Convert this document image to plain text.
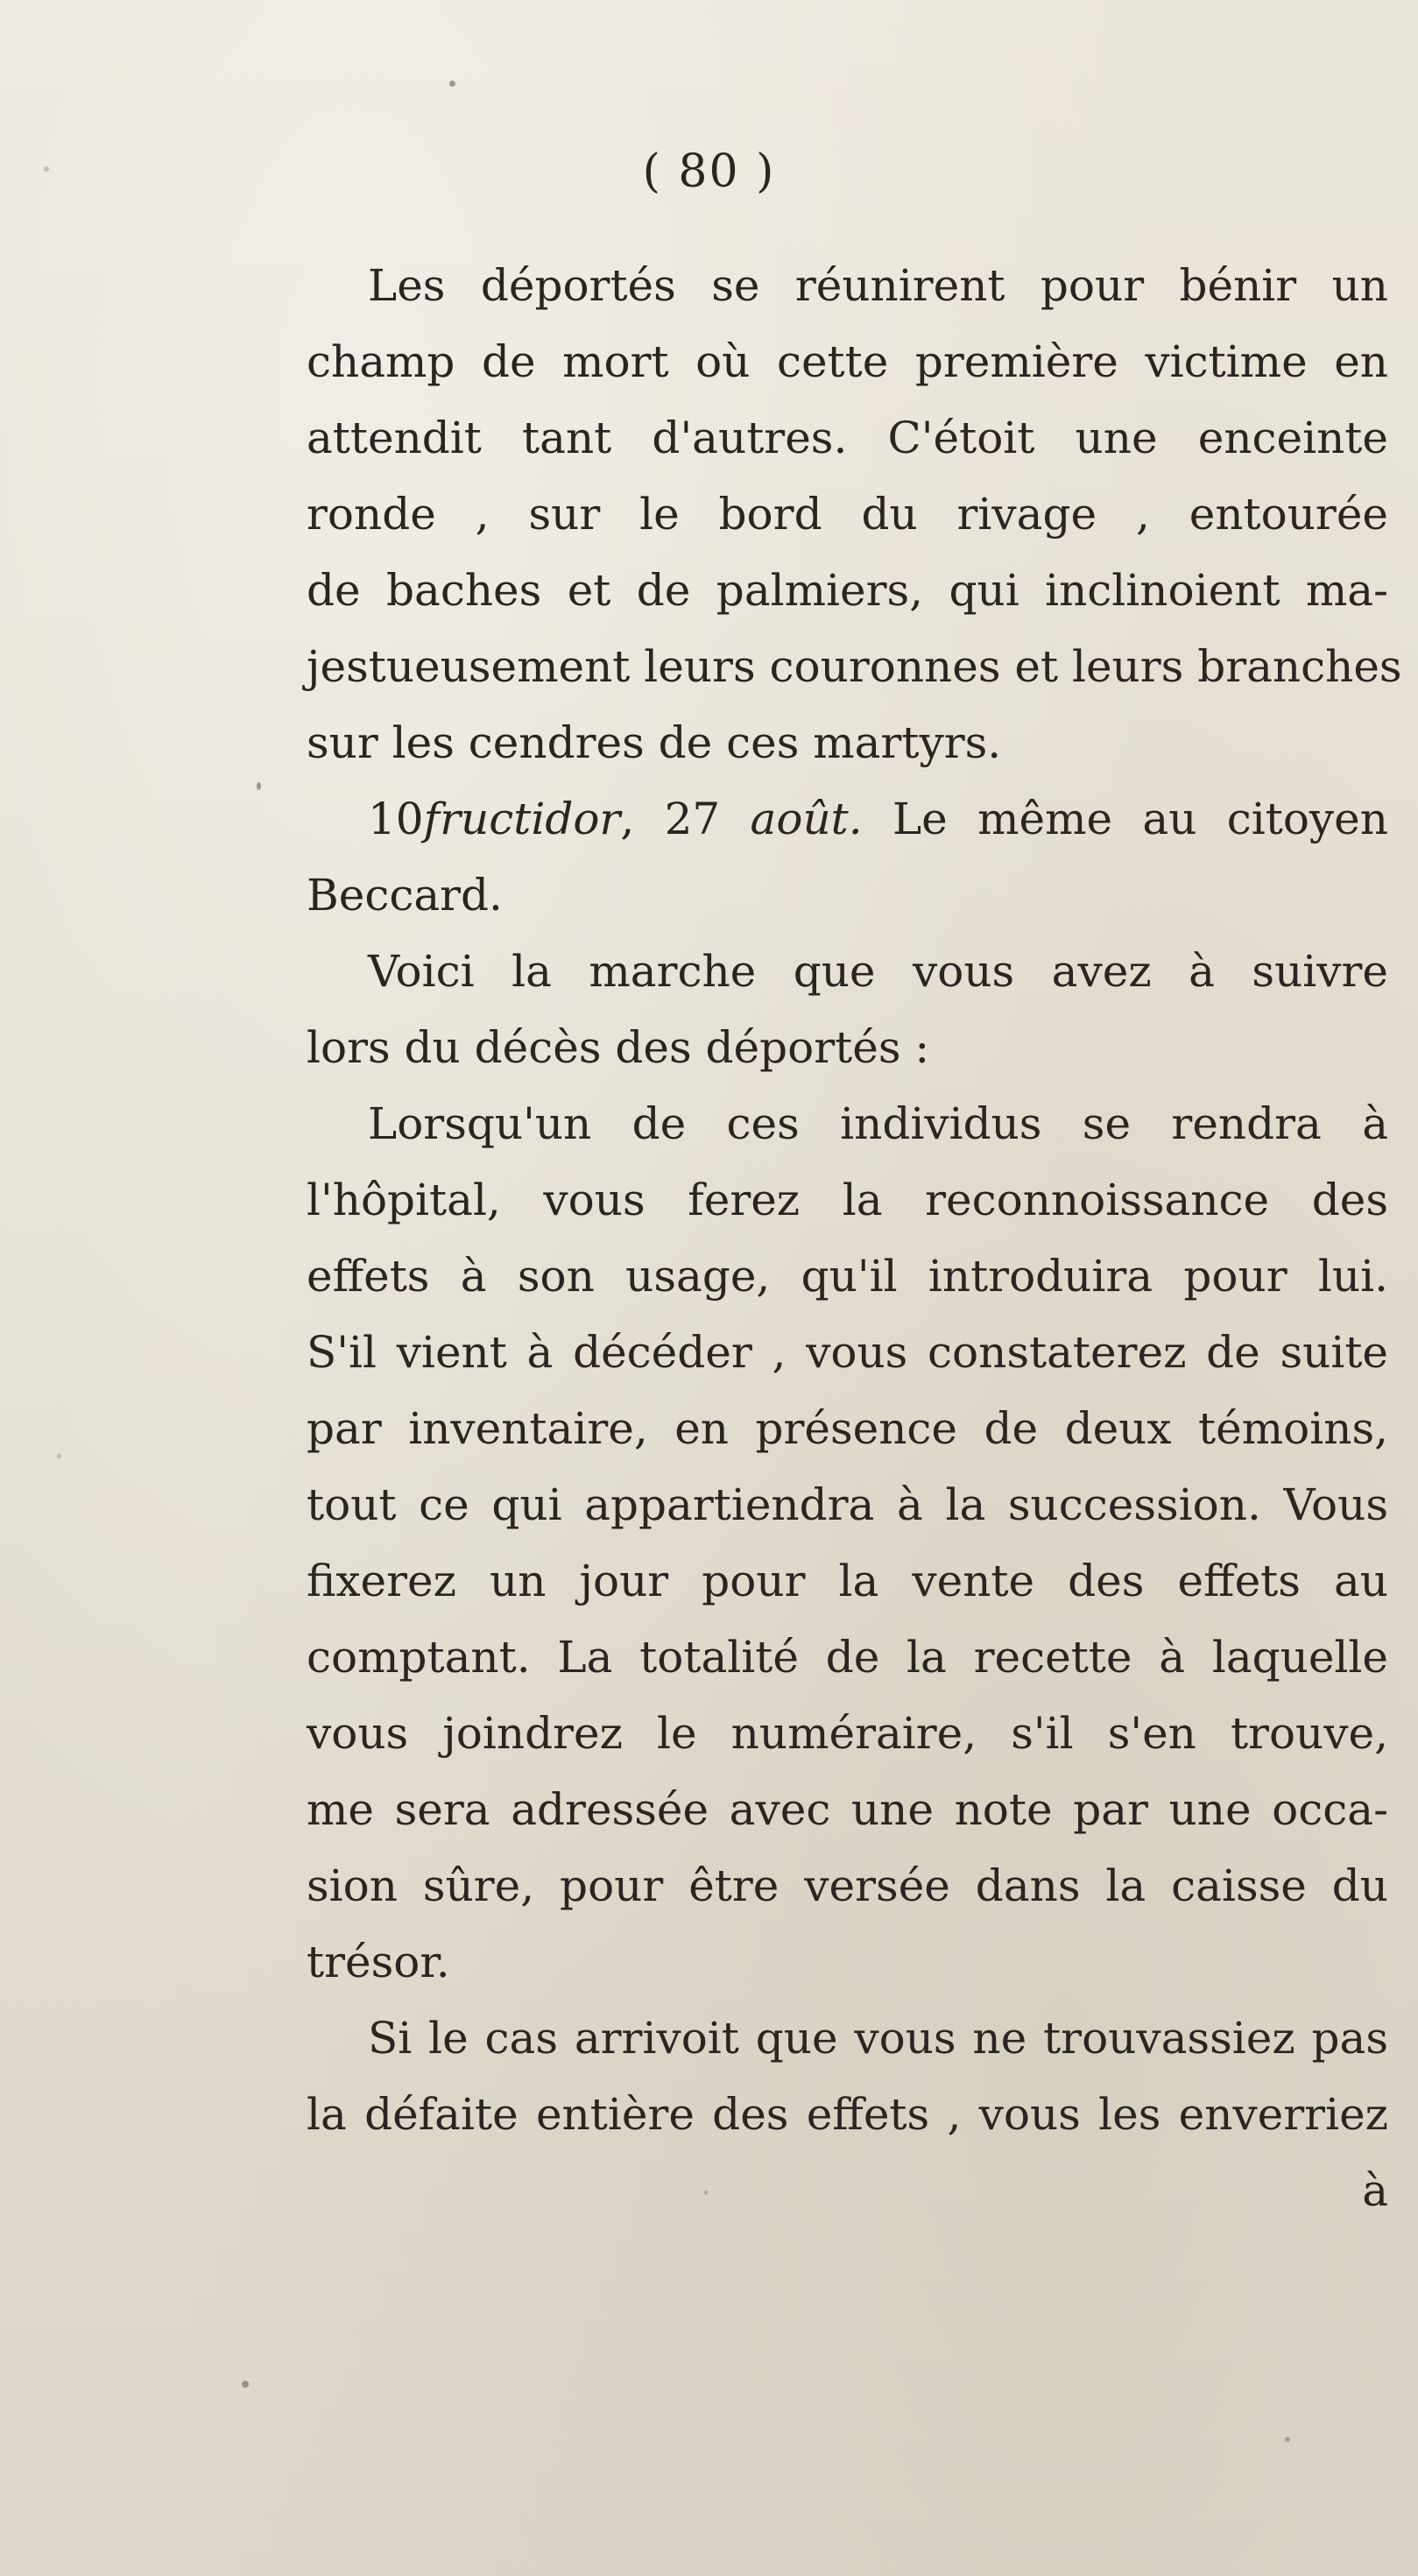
( 80 )
Les déportés se réunirent pour bénir un
champ de mort où cette première victime en
attendit tant d'autres. C'étoit une enceinte
ronde , sur le bord du rivage , entourée
de baches et de palmiers, qui inclinoient ma-
jestueusement leurs couronnes et leurs branches
sur les cendres de ces martyrs.
10fructidor, 27 août. Le même au citoyen
Beccard.
Voici la marche que vous avez à suivre
lors du décès des déportés :
Lorsqu'un de ces individus se rendra à
l'hôpital, vous ferez la reconnoissance des
effets à son usage, qu'il introduira pour lui.
S'il vient à décéder , vous constaterez de suite
par inventaire, en présence de deux témoins,
tout ce qui appartiendra à la succession. Vous
fixerez un jour pour la vente des effets au
comptant. La totalité de la recette à laquelle
vous joindrez le numéraire, s'il s'en trouve,
me sera adressée avec une note par une occa-
sion sûre, pour être versée dans la caisse du
trésor.
Si le cas arrivoit que vous ne trouvassiez pas
la défaite entière des effets , vous les enverriez
à
